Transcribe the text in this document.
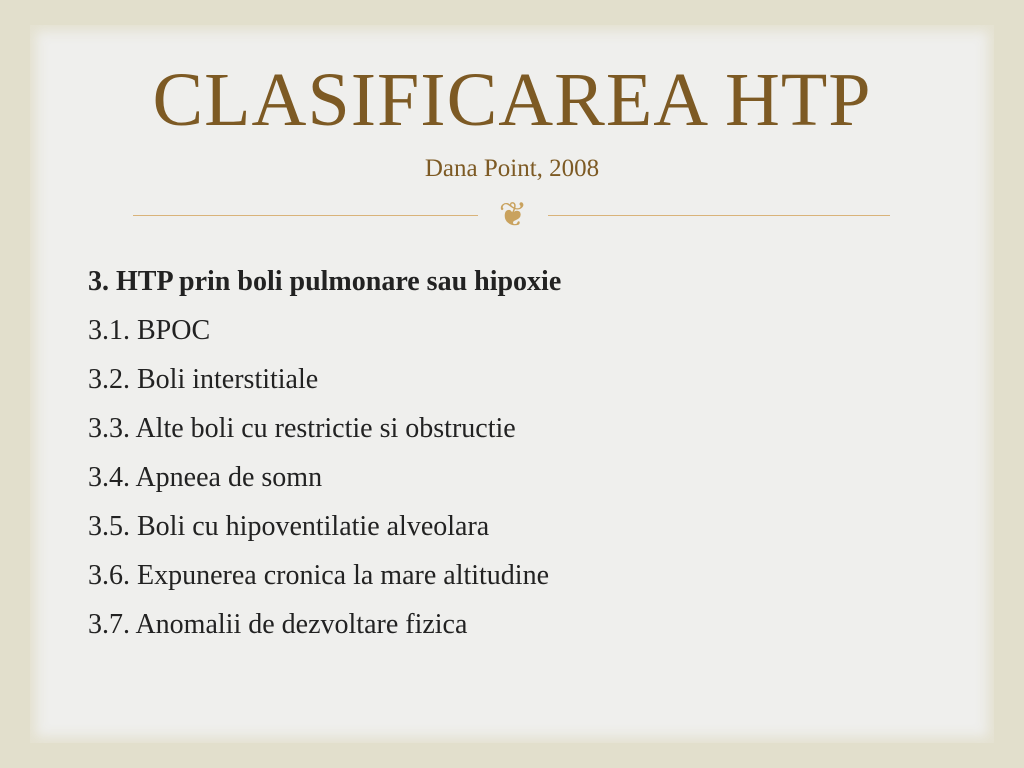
CLASIFICAREA HTP
Dana Point, 2008
❦
3. HTP prin boli pulmonare sau hipoxie
3.1. BPOC
3.2. Boli interstitiale
3.3. Alte boli cu restrictie si obstructie
3.4. Apneea de somn
3.5. Boli cu hipoventilatie alveolara
3.6. Expunerea cronica la mare altitudine
3.7. Anomalii de dezvoltare fizica
